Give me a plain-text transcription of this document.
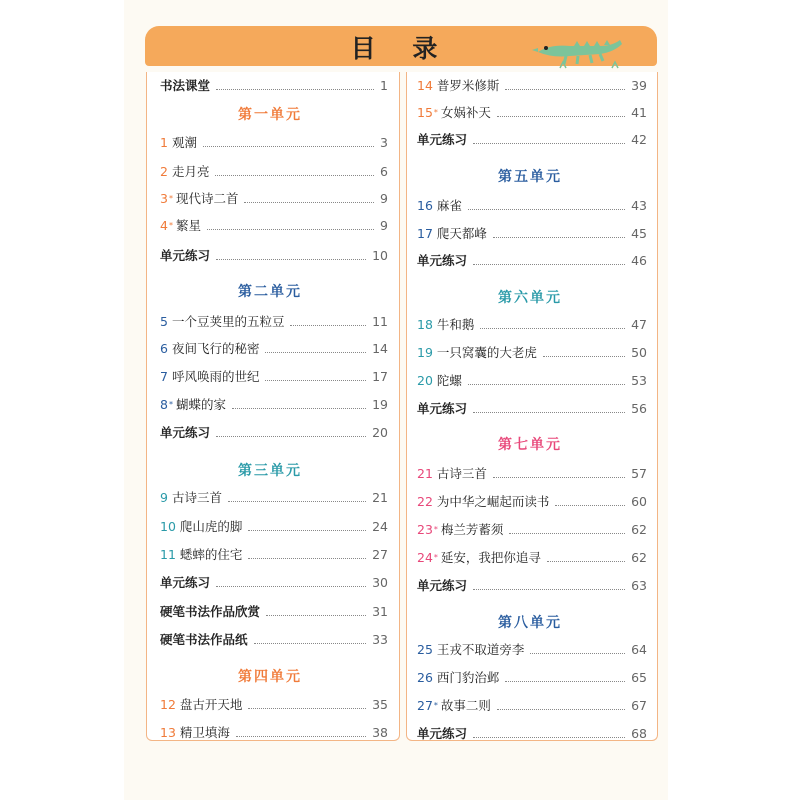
目 录
书法课堂	1
第一单元
1 观潮	3
2 走月亮	6
3 * 现代诗二首	9
4 * 繁星	9
单元练习	10
第二单元
5 一个豆荚里的五粒豆	11
6 夜间飞行的秘密	14
7 呼风唤雨的世纪	17
8 * 蝴蝶的家	19
单元练习	20
第三单元
9 古诗三首	21
10 爬山虎的脚	24
11 蟋蟀的住宅	27
单元练习	30
硬笔书法作品欣赏	31
硬笔书法作品纸	33
第四单元
12 盘古开天地	35
13 精卫填海	38
14 普罗米修斯	39
15 * 女娲补天	41
单元练习	42
第五单元
16 麻雀	43
17 爬天都峰	45
单元练习	46
第六单元
18 牛和鹅	47
19 一只窝囊的大老虎	50
20 陀螺	53
单元练习	56
第七单元
21 古诗三首	57
22 为中华之崛起而读书	60
23 * 梅兰芳蓄须	62
24 * 延安，我把你追寻	62
单元练习	63
第八单元
25 王戎不取道旁李	64
26 西门豹治邺	65
27 * 故事二则	67
单元练习	68
